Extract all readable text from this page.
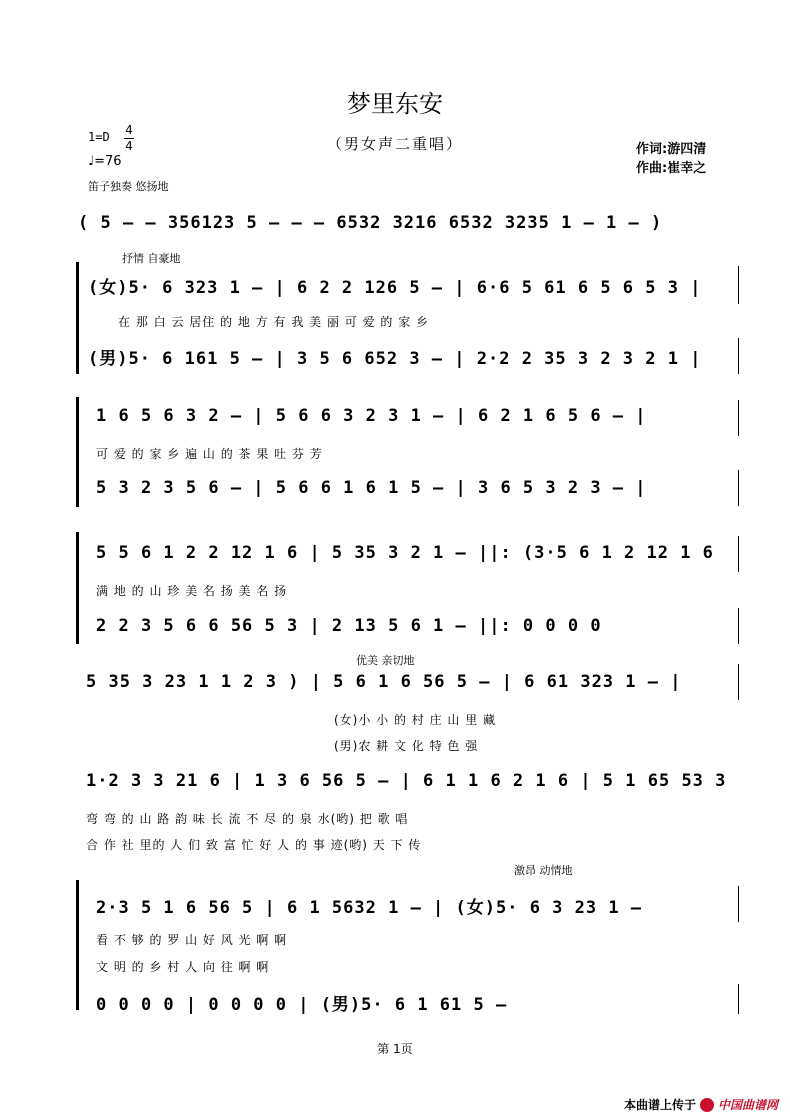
梦里东安
（男女声二重唱）	作词:游四清
作曲:崔幸之
1=D 4
4
♩=76
笛子独奏 悠扬地
( 5 – – 356123 5 – – – 6532 3216 6532 3235 1 – 1 – )
抒情 自豪地
(女)5· 6 323 1 – | 6 2 2 126 5 – | 6·6 5 61 6 5 6 5 3 |
在 那 白 云 居住 的 地 方 有 我 美 丽 可 爱 的 家 乡
(男)5· 6 161 5 – | 3 5 6 652 3 – | 2·2 2 35 3 2 3 2 1 |
1 6 5 6 3 2 – | 5 6 6 3 2 3 1 – | 6 2 1 6 5 6 – |
可 爱 的 家 乡 遍 山 的 茶 果 吐 芬 芳
5 3 2 3 5 6 – | 5 6 6 1 6 1 5 – | 3 6 5 3 2 3 – |
5 5 6 1 2 2 12 1 6 | 5 35 3 2 1 – ||: (3·5 6 1 2 12 1 6
满 地 的 山 珍 美 名 扬 美 名 扬
2 2 3 5 6 6 56 5 3 | 2 13 5 6 1 – ||: 0 0 0 0
优美 亲切地
5 35 3 23 1 1 2 3 ) | 5 6 1 6 56 5 – | 6 61 323 1 – |
(女)小 小 的 村 庄 山 里 藏
(男)农 耕 文 化 特 色 强
1·2 3 3 21 6 | 1 3 6 56 5 – | 6 1 1 6 2 1 6 | 5 1 65 53 3
弯 弯 的 山 路 韵 味 长 流 不 尽 的 泉 水(哟) 把 歌 唱
合 作 社 里的 人 们 致 富 忙 好 人 的 事 迹(哟) 天 下 传
激昂 动情地
2·3 5 1 6 56 5 | 6 1 5632 1 – | (女)5· 6 3 23 1 –
看 不 够 的 罗 山 好 风 光 啊 啊
文 明 的 乡 村 人 向 往 啊 啊
0 0 0 0 | 0 0 0 0 | (男)5· 6 1 61 5 –
第 1页
本曲谱上传于 中国曲谱网
